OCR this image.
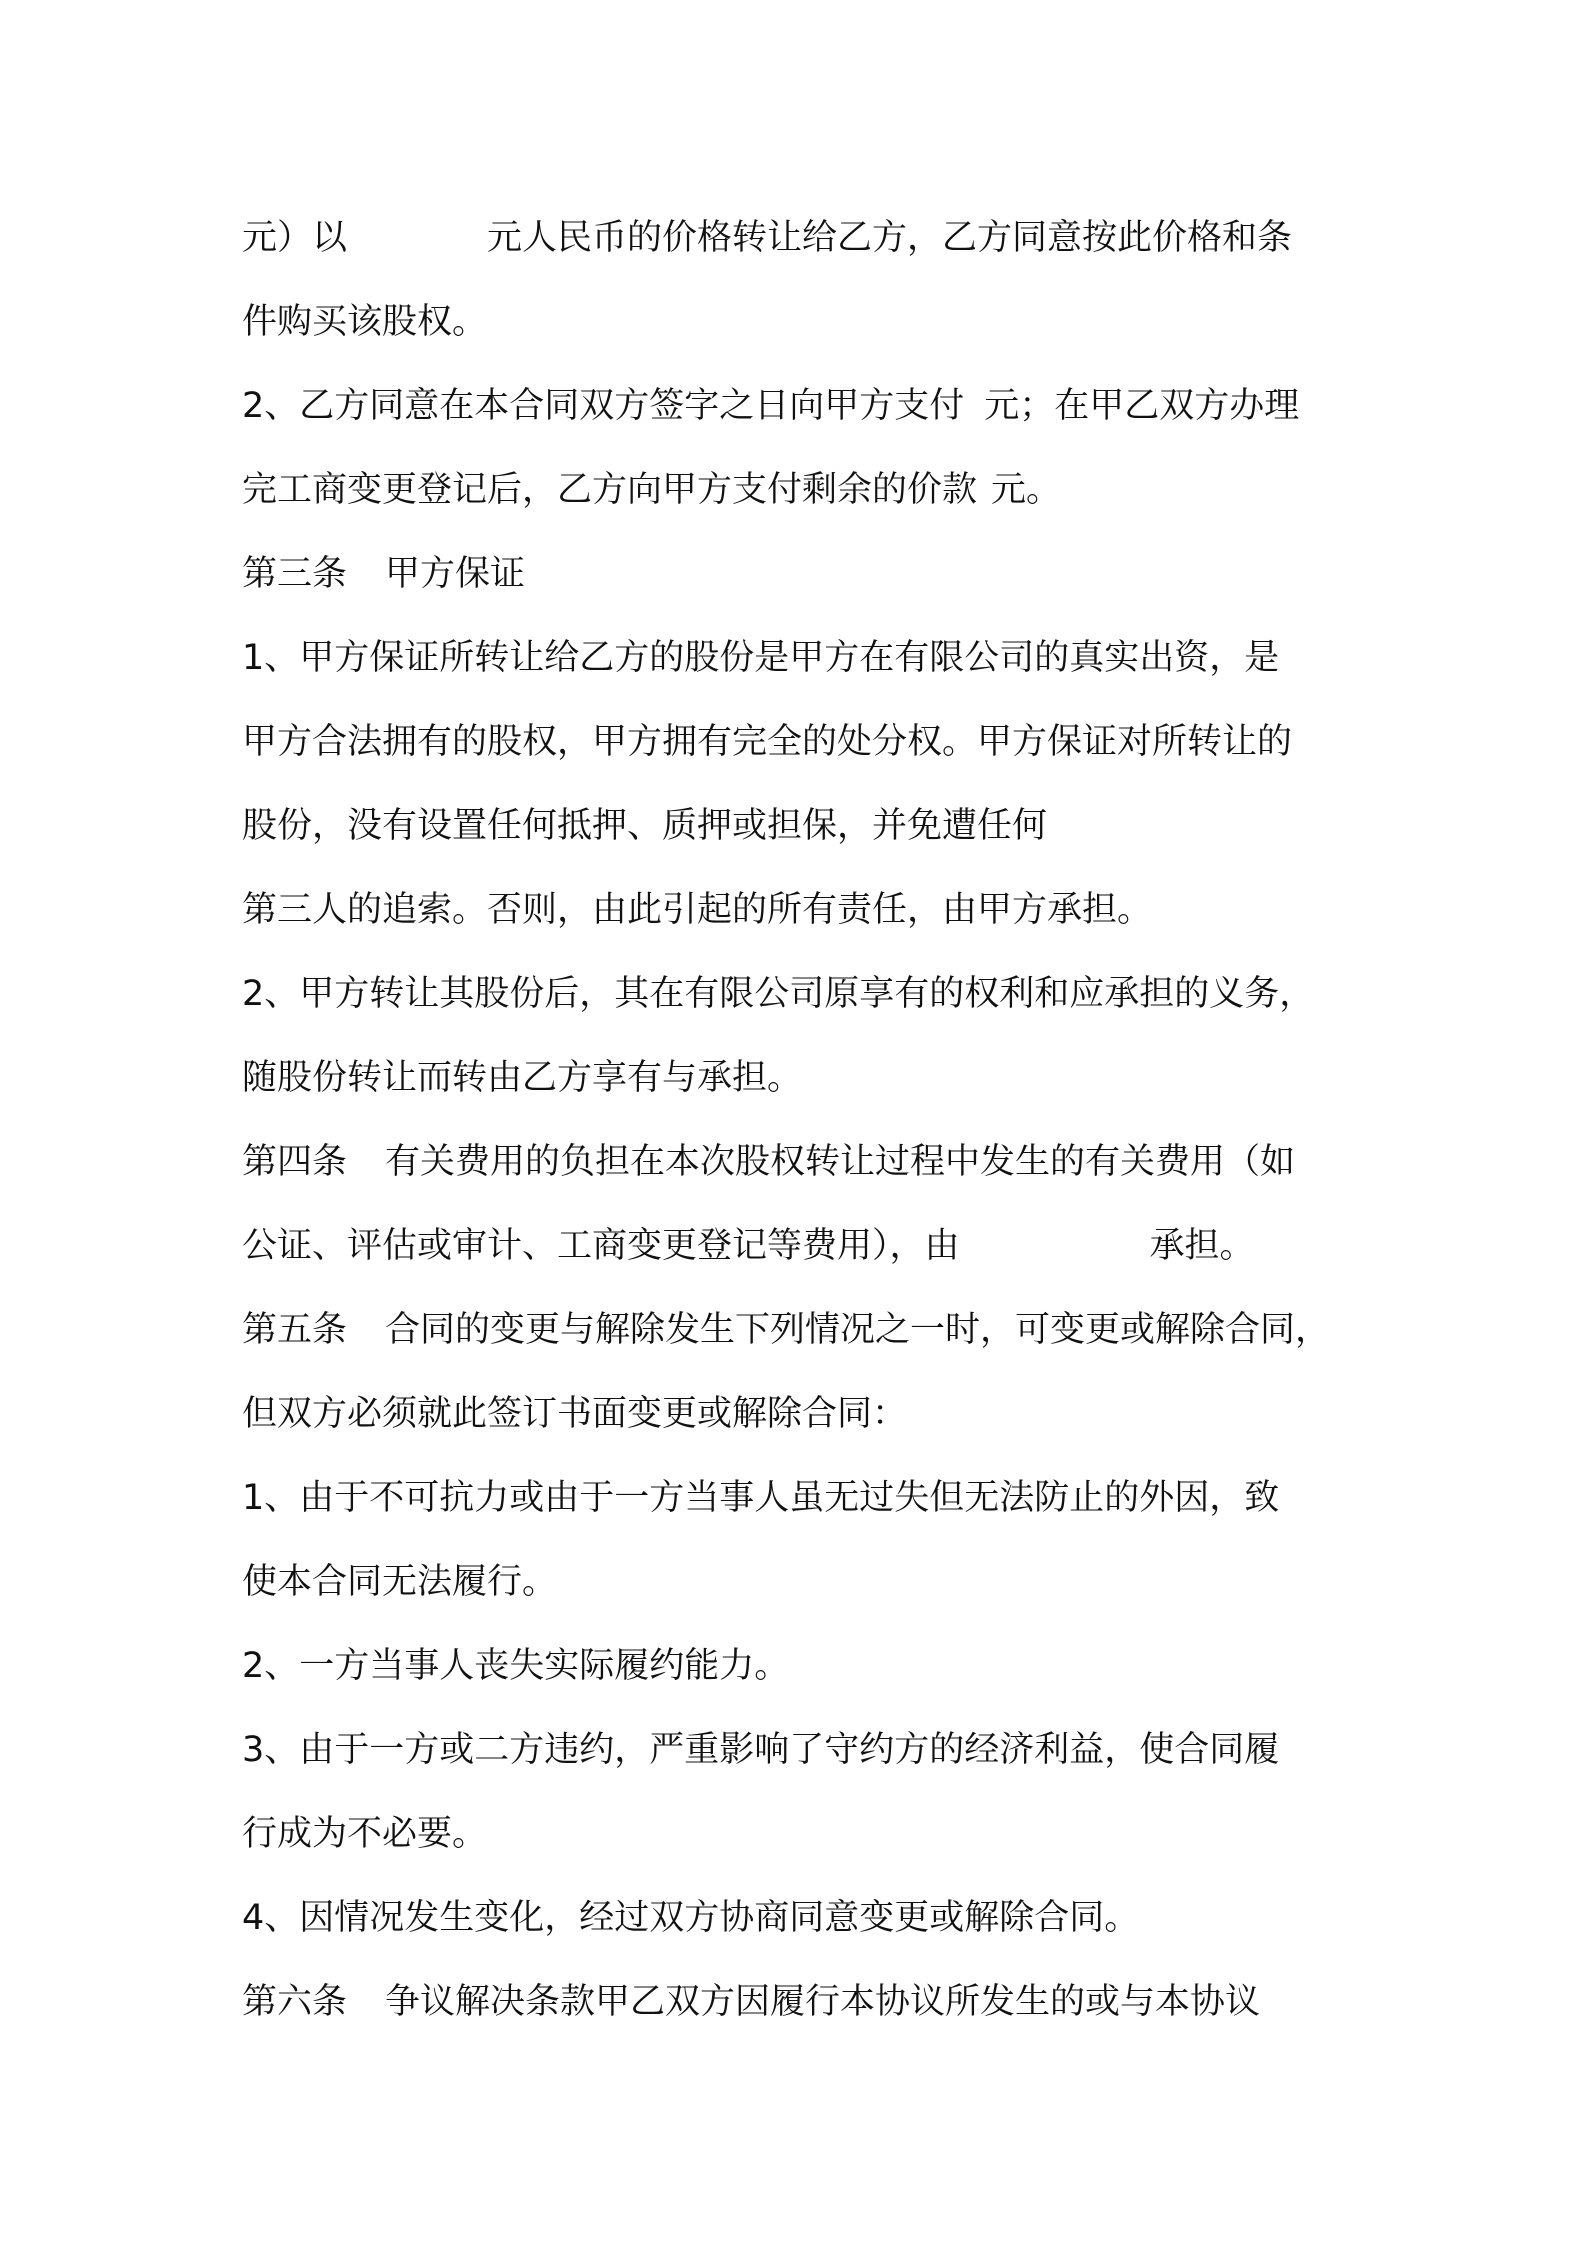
元）以	元人民币的价格转让给乙方，乙方同意按此价格和条
件购买该股权。
2、乙方同意在本合同双方签字之日向甲方支付 元；在甲乙双方办理
完工商变更登记后，乙方向甲方支付剩余的价款 元。
第三条 甲方保证
1、甲方保证所转让给乙方的股份是甲方在有限公司的真实出资，是
甲方合法拥有的股权，甲方拥有完全的处分权。甲方保证对所转让的
股份，没有设置任何抵押、质押或担保，并免遭任何
第三人的追索。否则，由此引起的所有责任，由甲方承担。
2、甲方转让其股份后，其在有限公司原享有的权利和应承担的义务，
随股份转让而转由乙方享有与承担。
第四条 有关费用的负担在本次股权转让过程中发生的有关费用（如
公证、评估或审计、工商变更登记等费用），由	承担。
第五条 合同的变更与解除发生下列情况之一时，可变更或解除合同，
但双方必须就此签订书面变更或解除合同：
1、由于不可抗力或由于一方当事人虽无过失但无法防止的外因，致
使本合同无法履行。
2、一方当事人丧失实际履约能力。
3、由于一方或二方违约，严重影响了守约方的经济利益，使合同履
行成为不必要。
4、因情况发生变化，经过双方协商同意变更或解除合同。
第六条 争议解决条款甲乙双方因履行本协议所发生的或与本协议
